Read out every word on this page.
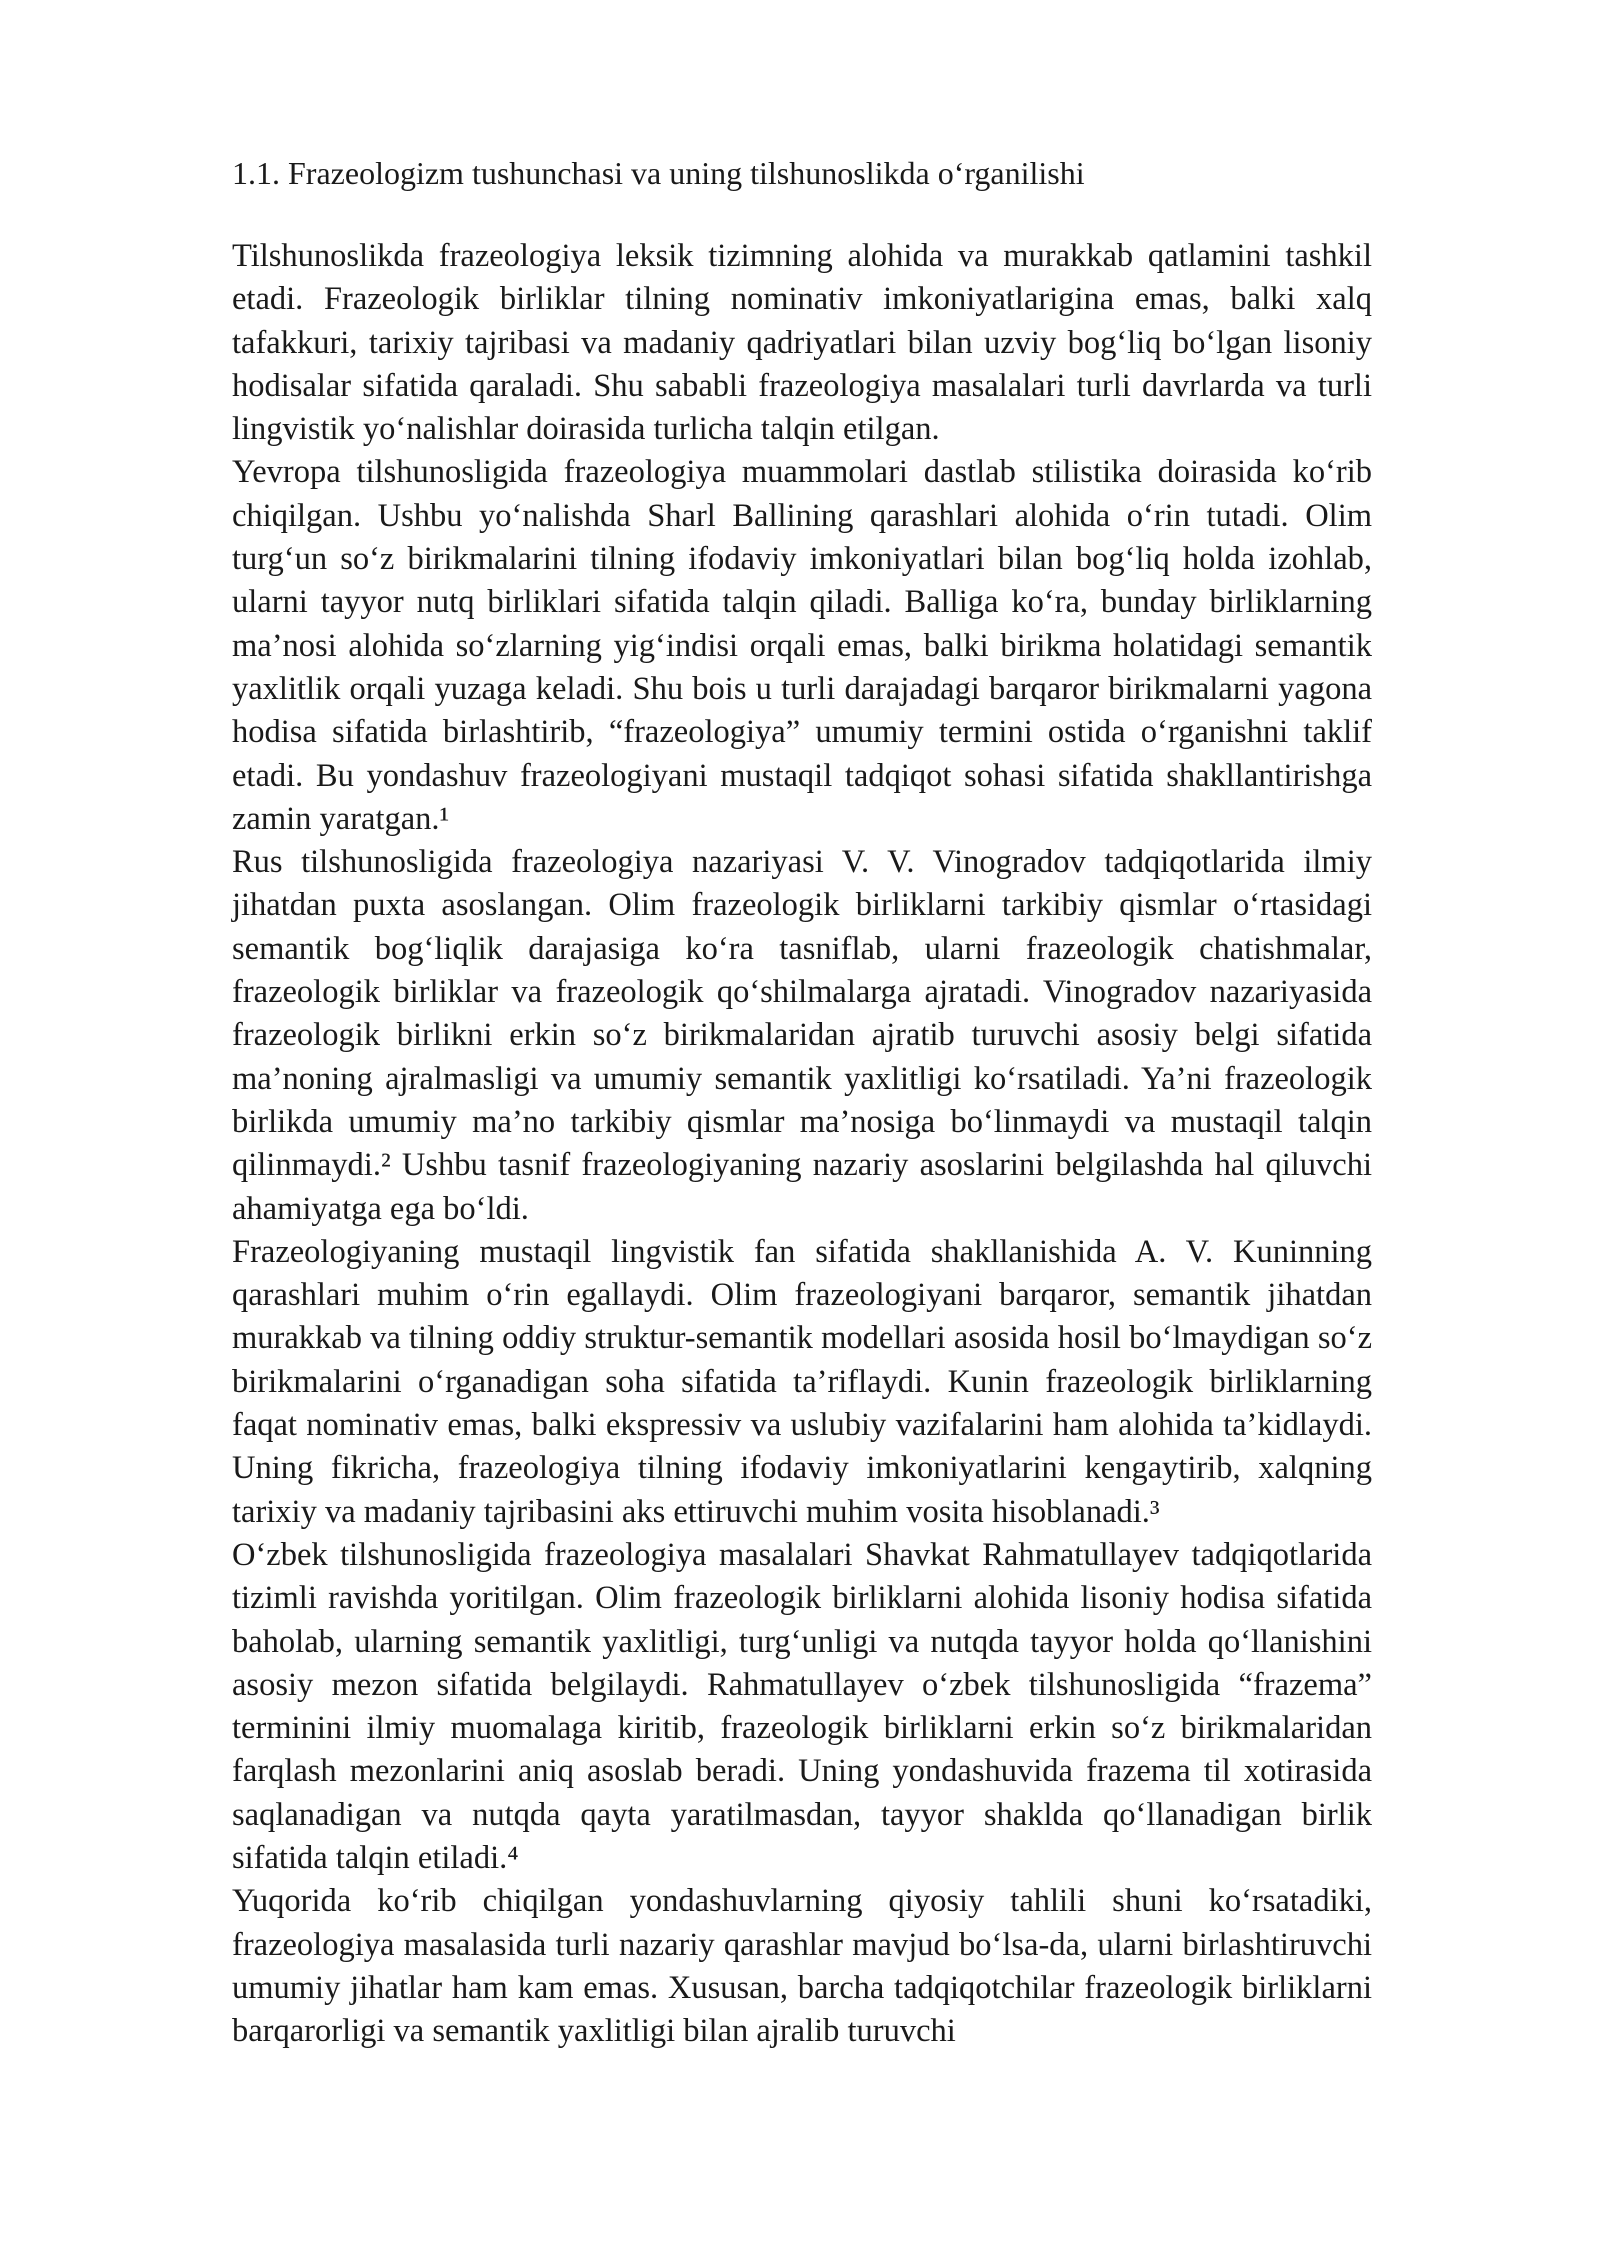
1.1. Frazeologizm tushunchasi va uning tilshunoslikda o‘rganilishi

Tilshunoslikda frazeologiya leksik tizimning alohida va murakkab qatlamini tashkil etadi. Frazeologik birliklar tilning nominativ imkoniyatlarigina emas, balki xalq tafakkuri, tarixiy tajribasi va madaniy qadriyatlari bilan uzviy bog‘liq bo‘lgan lisoniy hodisalar sifatida qaraladi. Shu sababli frazeologiya masalalari turli davrlarda va turli lingvistik yo‘nalishlar doirasida turlicha talqin etilgan.

Yevropa tilshunosligida frazeologiya muammolari dastlab stilistika doirasida ko‘rib chiqilgan. Ushbu yo‘nalishda Sharl Ballining qarashlari alohida o‘rin tutadi. Olim turg‘un so‘z birikmalarini tilning ifodaviy imkoniyatlari bilan bog‘liq holda izohlab, ularni tayyor nutq birliklari sifatida talqin qiladi. Balliga ko‘ra, bunday birliklarning ma’nosi alohida so‘zlarning yig‘indisi orqali emas, balki birikma holatidagi semantik yaxlitlik orqali yuzaga keladi. Shu bois u turli darajadagi barqaror birikmalarni yagona hodisa sifatida birlashtirib, “frazeologiya” umumiy termini ostida o‘rganishni taklif etadi. Bu yondashuv frazeologiyani mustaqil tadqiqot sohasi sifatida shakllantirishga zamin yaratgan.¹

Rus tilshunosligida frazeologiya nazariyasi V. V. Vinogradov tadqiqotlarida ilmiy jihatdan puxta asoslangan. Olim frazeologik birliklarni tarkibiy qismlar o‘rtasidagi semantik bog‘liqlik darajasiga ko‘ra tasniflab, ularni frazeologik chatishmalar, frazeologik birliklar va frazeologik qo‘shilmalarga ajratadi. Vinogradov nazariyasida frazeologik birlikni erkin so‘z birikmalaridan ajratib turuvchi asosiy belgi sifatida ma’noning ajralmasligi va umumiy semantik yaxlitligi ko‘rsatiladi. Ya’ni frazeologik birlikda umumiy ma’no tarkibiy qismlar ma’nosiga bo‘linmaydi va mustaqil talqin qilinmaydi.² Ushbu tasnif frazeologiyaning nazariy asoslarini belgilashda hal qiluvchi ahamiyatga ega bo‘ldi.

Frazeologiyaning mustaqil lingvistik fan sifatida shakllanishida A. V. Kuninning qarashlari muhim o‘rin egallaydi. Olim frazeologiyani barqaror, semantik jihatdan murakkab va tilning oddiy struktur-semantik modellari asosida hosil bo‘lmaydigan so‘z birikmalarini o‘rganadigan soha sifatida ta’riflaydi. Kunin frazeologik birliklarning faqat nominativ emas, balki ekspressiv va uslubiy vazifalarini ham alohida ta’kidlaydi. Uning fikricha, frazeologiya tilning ifodaviy imkoniyatlarini kengaytirib, xalqning tarixiy va madaniy tajribasini aks ettiruvchi muhim vosita hisoblanadi.³

O‘zbek tilshunosligida frazeologiya masalalari Shavkat Rahmatullayev tadqiqotlarida tizimli ravishda yoritilgan. Olim frazeologik birliklarni alohida lisoniy hodisa sifatida baholab, ularning semantik yaxlitligi, turg‘unligi va nutqda tayyor holda qo‘llanishini asosiy mezon sifatida belgilaydi. Rahmatullayev o‘zbek tilshunosligida “frazema” terminini ilmiy muomalaga kiritib, frazeologik birliklarni erkin so‘z birikmalaridan farqlash mezonlarini aniq asoslab beradi. Uning yondashuvida frazema til xotirasida saqlanadigan va nutqda qayta yaratilmasdan, tayyor shaklda qo‘llanadigan birlik sifatida talqin etiladi.⁴

Yuqorida ko‘rib chiqilgan yondashuvlarning qiyosiy tahlili shuni ko‘rsatadiki, frazeologiya masalasida turli nazariy qarashlar mavjud bo‘lsa-da, ularni birlashtiruvchi umumiy jihatlar ham kam emas. Xususan, barcha tadqiqotchilar frazeologik birliklarni barqarorligi va semantik yaxlitligi bilan ajralib turuvchi
